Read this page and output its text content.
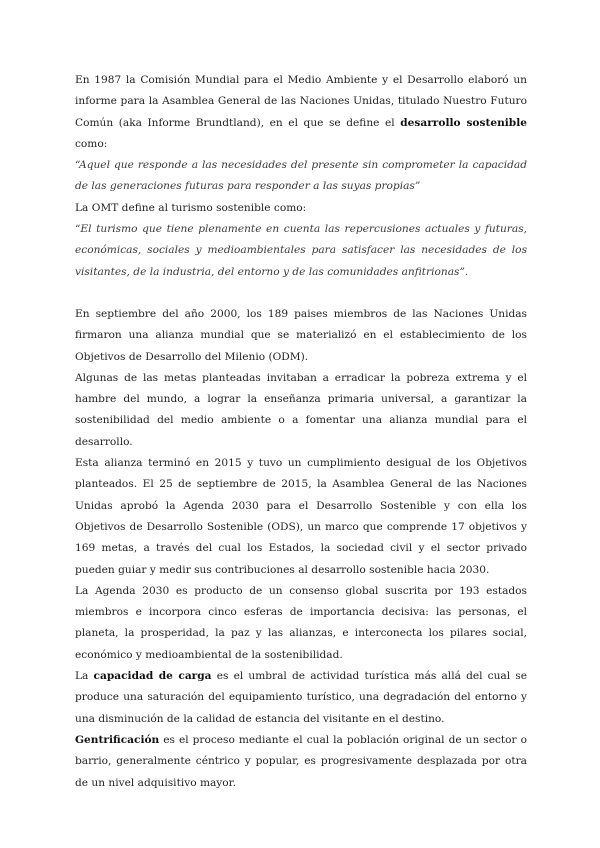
En 1987 la Comisión Mundial para el Medio Ambiente y el Desarrollo elaboró un informe para la Asamblea General de las Naciones Unidas, titulado Nuestro Futuro Común (aka Informe Brundtland), en el que se define el desarrollo sostenible como:

“Aquel que responde a las necesidades del presente sin comprometer la capacidad de las generaciones futuras para responder a las suyas propias”

La OMT define al turismo sostenible como:

“El turismo que tiene plenamente en cuenta las repercusiones actuales y futuras, económicas, sociales y medioambientales para satisfacer las necesidades de los visitantes, de la industria, del entorno y de las comunidades anfitrionas”.

En septiembre del año 2000, los 189 paises miembros de las Naciones Unidas firmaron una alianza mundial que se materializó en el establecimiento de los Objetivos de Desarrollo del Milenio (ODM).

Algunas de las metas planteadas invitaban a erradicar la pobreza extrema y el hambre del mundo, a lograr la enseñanza primaria universal, a garantizar la sostenibilidad del medio ambiente o a fomentar una alianza mundial para el desarrollo.

Esta alianza terminó en 2015 y tuvo un cumplimiento desigual de los Objetivos planteados. El 25 de septiembre de 2015, la Asamblea General de las Naciones Unidas aprobó la Agenda 2030 para el Desarrollo Sostenible y con ella los Objetivos de Desarrollo Sostenible (ODS), un marco que comprende 17 objetivos y 169 metas, a través del cual los Estados, la sociedad civil y el sector privado pueden guiar y medir sus contribuciones al desarrollo sostenible hacia 2030.

La Agenda 2030 es producto de un consenso global suscrita por 193 estados miembros e incorpora cinco esferas de importancia decisiva: las personas, el planeta, la prosperidad, la paz y las alianzas, e interconecta los pilares social, económico y medioambiental de la sostenibilidad.

La capacidad de carga es el umbral de actividad turística más allá del cual se produce una saturación del equipamiento turístico, una degradación del entorno y una disminución de la calidad de estancia del visitante en el destino.

Gentrificación es el proceso mediante el cual la población original de un sector o barrio, generalmente céntrico y popular, es progresivamente desplazada por otra de un nivel adquisitivo mayor.
